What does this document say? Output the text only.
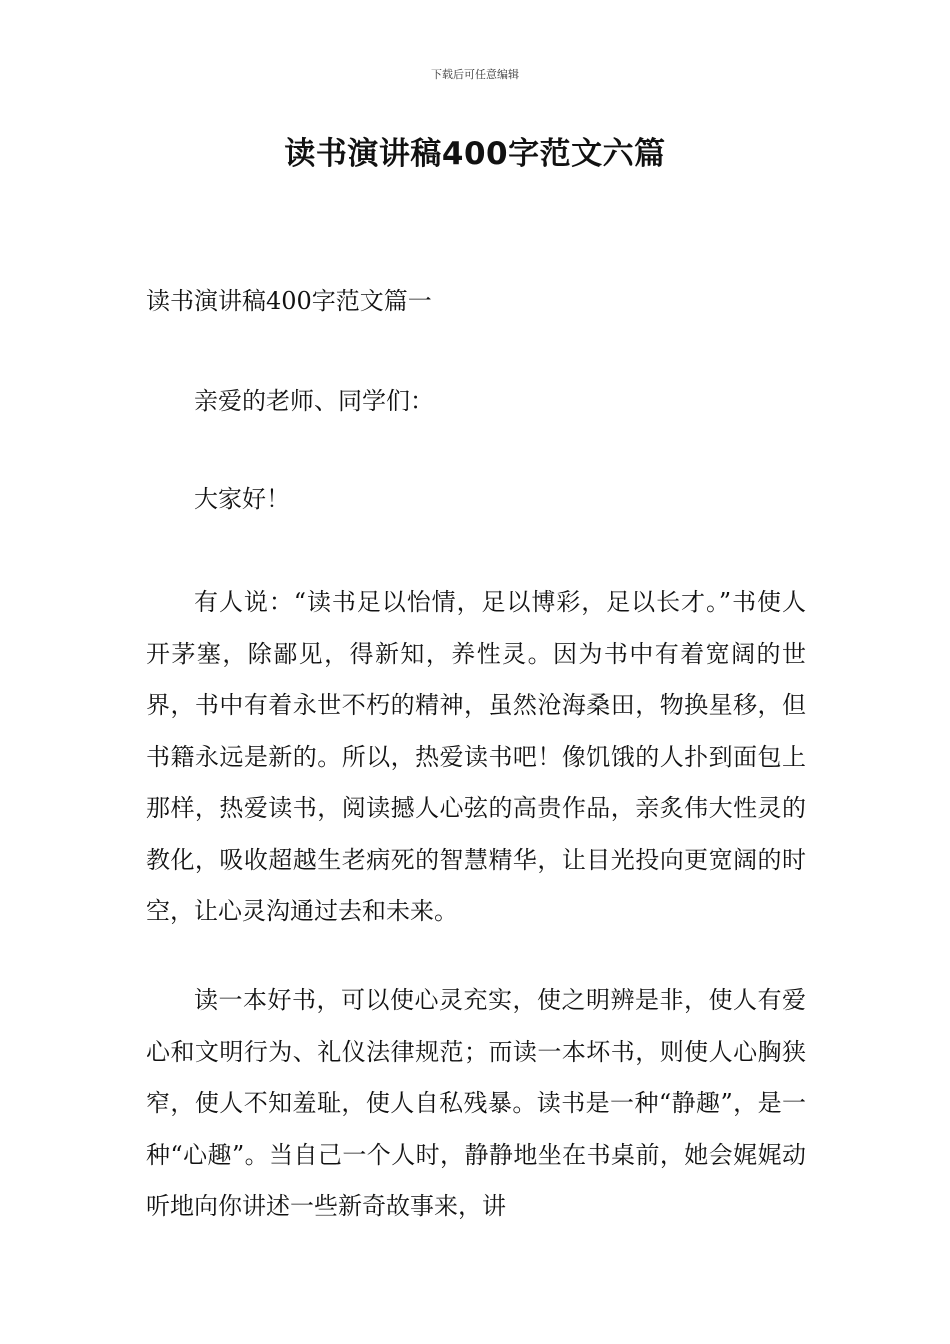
下载后可任意编辑
读书演讲稿400字范文六篇
读书演讲稿400字范文篇一
亲爱的老师、同学们：
大家好！
有人说：“读书足以怡情，足以博彩，足以长才。”书使人开茅塞，除鄙见，得新知，养性灵。因为书中有着宽阔的世界，书中有着永世不朽的精神，虽然沧海桑田，物换星移，但书籍永远是新的。所以，热爱读书吧！像饥饿的人扑到面包上那样，热爱读书，阅读撼人心弦的高贵作品，亲炙伟大性灵的教化，吸收超越生老病死的智慧精华，让目光投向更宽阔的时空，让心灵沟通过去和未来。
读一本好书，可以使心灵充实，使之明辨是非，使人有爱心和文明行为、礼仪法律规范；而读一本坏书，则使人心胸狭窄，使人不知羞耻，使人自私残暴。读书是一种“静趣”，是一种“心趣”。当自己一个人时，静静地坐在书桌前，她会娓娓动听地向你讲述一些新奇故事来，讲
